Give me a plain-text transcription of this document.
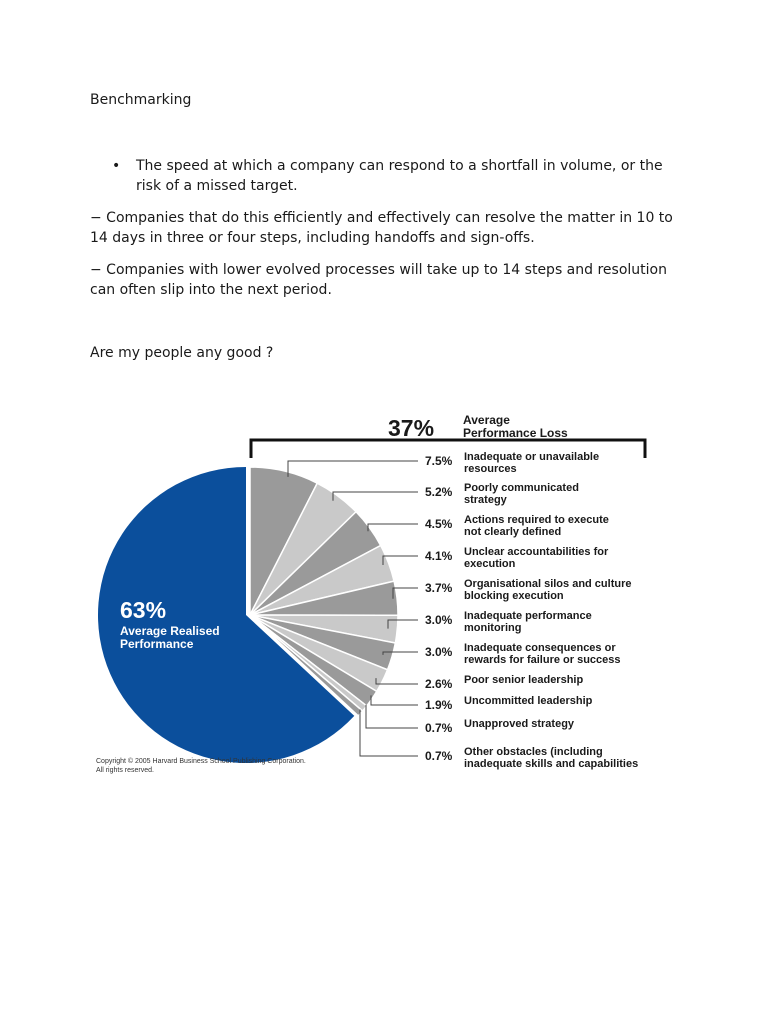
Benchmarking
• The speed at which a company can respond to a shortfall in volume, or the risk of a missed target.

− Companies that do this efficiently and effectively can resolve the matter in 10 to 14 days in three or four steps, including handoffs and sign-offs.

− Companies with lower evolved processes will take up to 14 steps and resolution can often slip into the next period.

Are my people any good ?
63%
Average Realised
Performance
37% Average
Performance Loss
7.5% Inadequate or unavailable
resources
5.2% Poorly communicated
strategy
4.5% Actions required to execute
not clearly defined
4.1% Unclear accountabilities for
execution
3.7% Organisational silos and culture
blocking execution
3.0% Inadequate performance
monitoring
3.0% Inadequate consequences or
rewards for failure or success
2.6% Poor senior leadership
1.9% Uncommitted leadership
0.7% Unapproved strategy
0.7% Other obstacles (including
inadequate skills and capabilities
Copyright © 2005 Harvard Business School Publishing Corporation.
All rights reserved.
